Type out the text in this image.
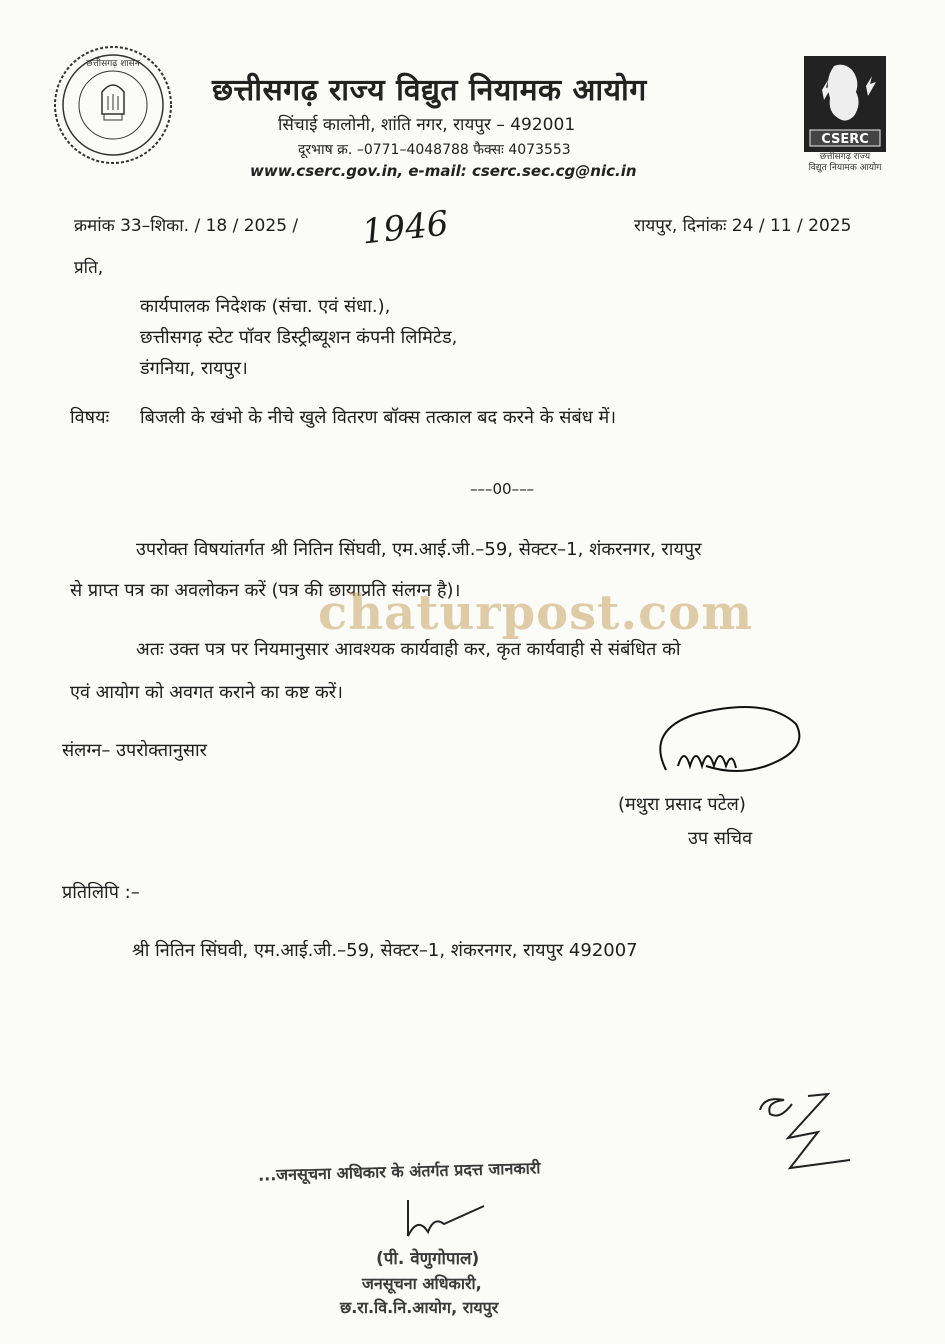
छत्तीसगढ़ शासन
छत्तीसगढ़ राज्य विद्युत नियामक आयोग
सिंचाई कालोनी, शांति नगर, रायपुर – 492001
दूरभाष क्र. –0771–4048788 फैक्सः 4073553
www.cserc.gov.in, e-mail: cserc.sec.cg@nic.in
CSERC
छत्तीसगढ़ राज्य
विद्युत नियामक आयोग
क्रमांक 33–शिका. / 18 / 2025 / 1946	रायपुर, दिनांकः 24 / 11 / 2025
प्रति,
कार्यपालक निदेशक (संचा. एवं संधा.),
छत्तीसगढ़ स्टेट पॉवर डिस्ट्रीब्यूशन कंपनी लिमिटेड,
डंगनिया, रायपुर।
विषयः बिजली के खंभो के नीचे खुले वितरण बॉक्स तत्काल बद करने के संबंध में।
–––00–––
उपरोक्त विषयांतर्गत श्री नितिन सिंघवी, एम.आई.जी.–59, सेक्टर–1, शंकरनगर, रायपुर
से प्राप्त पत्र का अवलोकन करें (पत्र की छायाप्रति संलग्न है)।
chaturpost.com
अतः उक्त पत्र पर नियमानुसार आवश्यक कार्यवाही कर, कृत कार्यवाही से संबंधित को
एवं आयोग को अवगत कराने का कष्ट करें।
संलग्न– उपरोक्तानुसार
(मथुरा प्रसाद पटेल)
उप सचिव
प्रतिलिपि :–
श्री नितिन सिंघवी, एम.आई.जी.–59, सेक्टर–1, शंकरनगर, रायपुर 492007
...जनसूचना अधिकार के अंतर्गत प्रदत्त जानकारी
(पी. वेणुगोपाल)
जनसूचना अधिकारी,
छ.रा.वि.नि.आयोग, रायपुर
